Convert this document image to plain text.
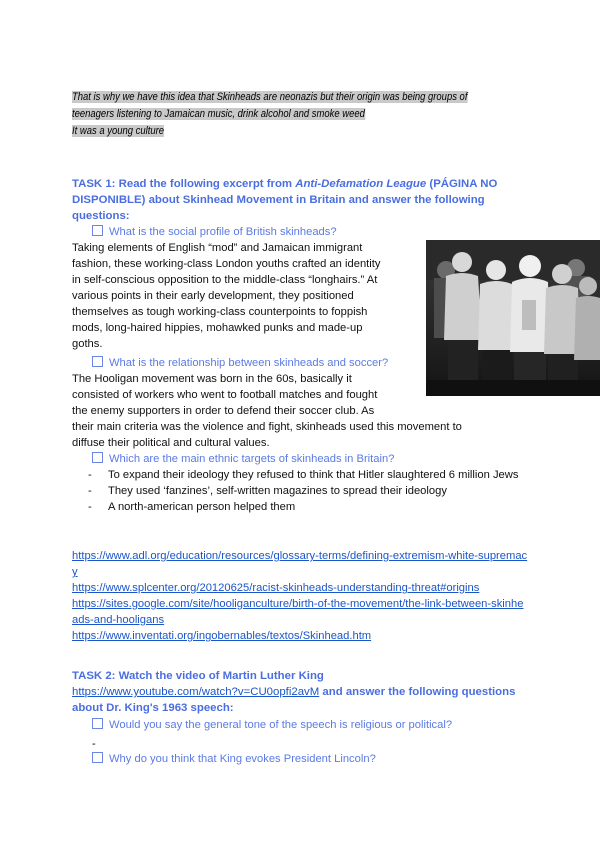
That is why we have this idea that Skinheads are neonazis but their origin was being groups of
teenagers listening to Jamaican music, drink alcohol and smoke weed
It was a young culture
TASK 1: Read the following excerpt from Anti-Defamation League (PÁGINA NO DISPONIBLE) about Skinhead Movement in Britain and answer the following questions:
What is the social profile of British skinheads?
Taking elements of English “mod” and Jamaican immigrant
fashion, these working-class London youths crafted an identity
in self-conscious opposition to the middle-class “longhairs.” At
various points in their early development, they positioned
themselves as tough working-class counterpoints to foppish
mods, long-haired hippies, mohawked punks and made-up
goths.
What is the relationship between skinheads and soccer?
The Hooligan movement was born in the 60s, basically it
consisted of workers who went to football matches and fought
the enemy supporters in order to defend their soccer club. As
their main criteria was the violence and fight, skinheads used this movement to
diffuse their political and cultural values.
Which are the main ethnic targets of skinheads in Britain?
- To expand their ideology they refused to think that Hitler slaughtered 6 million Jews
- They used ‘fanzines’, self-written magazines to spread their ideology
- A north-american person helped them
https://www.adl.org/education/resources/glossary-terms/defining-extremism-white-supremacy
https://www.splcenter.org/20120625/racist-skinheads-understanding-threat#origins
https://sites.google.com/site/hooliganculture/birth-of-the-movement/the-link-between-skinheads-and-hooligans
https://www.inventati.org/ingobernables/textos/Skinhead.htm
TASK 2: Watch the video of Martin Luther King
https://www.youtube.com/watch?v=CU0opfi2avM and answer the following questions about Dr. King's 1963 speech:
Would you say the general tone of the speech is religious or political?
-
Why do you think that King evokes President Lincoln?
